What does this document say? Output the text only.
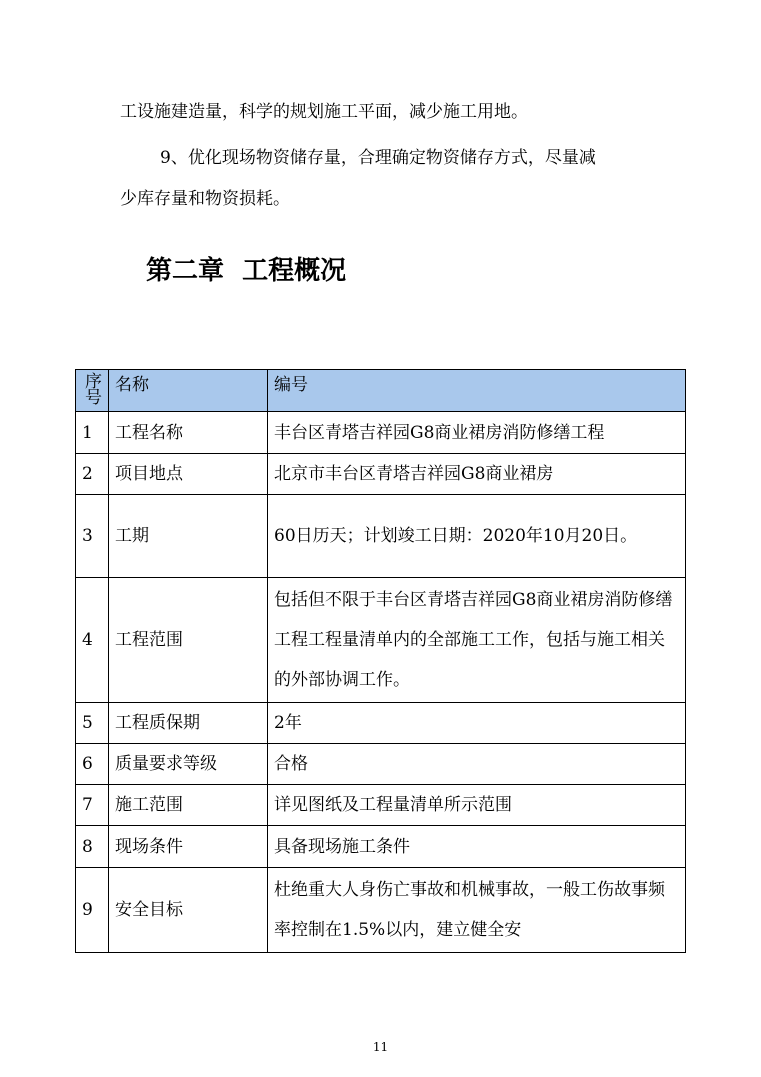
工设施建造量，科学的规划施工平面，减少施工用地。
9、优化现场物资储存量，合理确定物资储存方式，尽量减
少库存量和物资损耗。
第二章  工程概况
序号	名称	编号
1	工程名称	丰台区青塔吉祥园G8商业裙房消防修缮工程
2	项目地点	北京市丰台区青塔吉祥园G8商业裙房
3	工期	60日历天；计划竣工日期：2020年10月20日。
4	工程范围	包括但不限于丰台区青塔吉祥园G8商业裙房消防修缮工程工程量清单内的全部施工工作，包括与施工相关的外部协调工作。
5	工程质保期	2年
6	质量要求等级	合格
7	施工范围	详见图纸及工程量清单所示范围
8	现场条件	具备现场施工条件
9	安全目标	杜绝重大人身伤亡事故和机械事故，一般工伤故事频率控制在1.5%以内，建立健全安
11
